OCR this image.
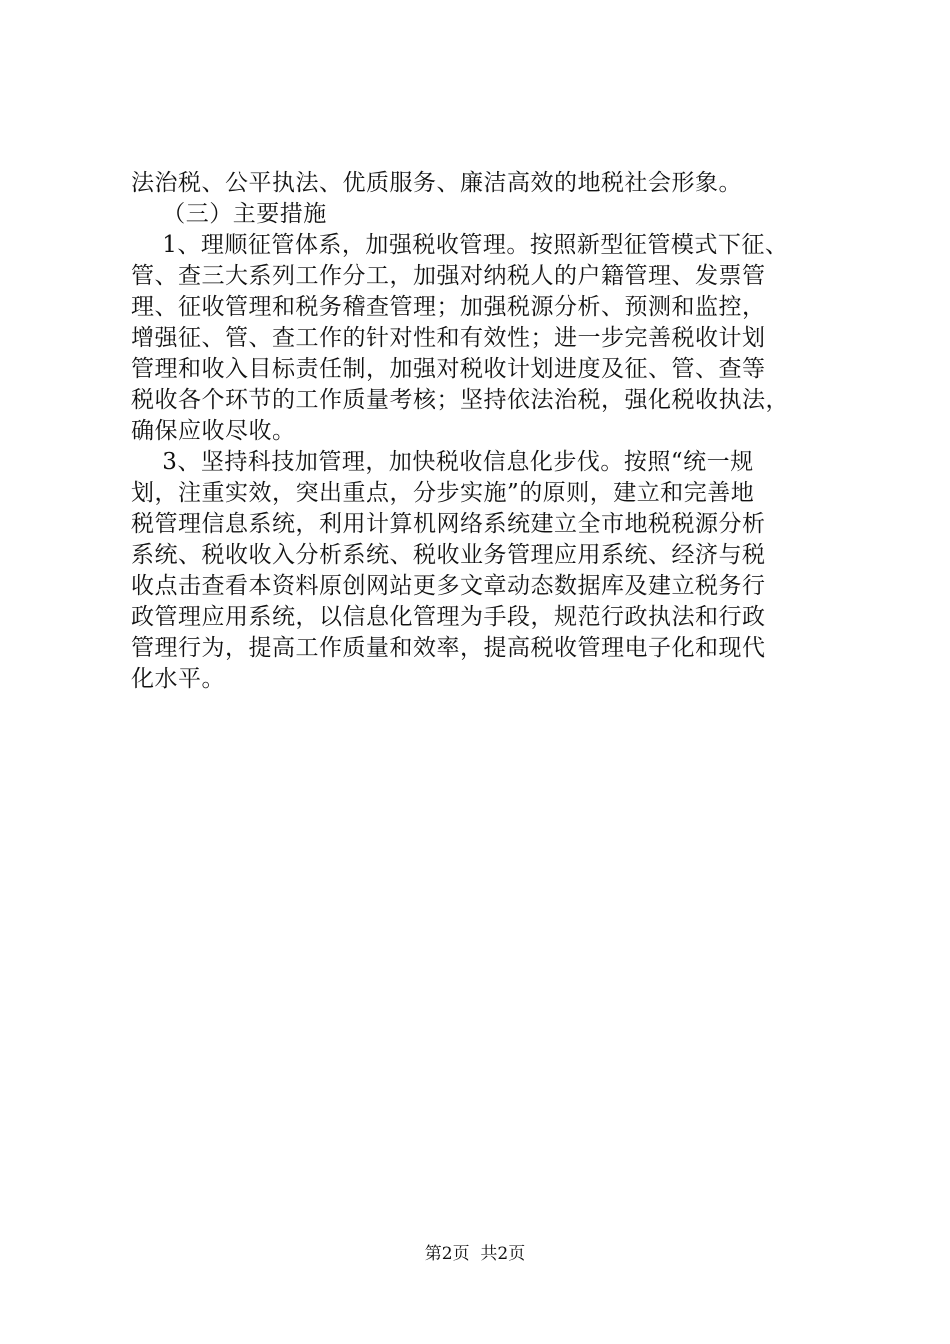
法治税、公平执法、优质服务、廉洁高效的地税社会形象。
（三）主要措施
1、理顺征管体系，加强税收管理。按照新型征管模式下征、
管、查三大系列工作分工，加强对纳税人的户籍管理、发票管
理、征收管理和税务稽查管理；加强税源分析、预测和监控，
增强征、管、查工作的针对性和有效性；进一步完善税收计划
管理和收入目标责任制，加强对税收计划进度及征、管、查等
税收各个环节的工作质量考核；坚持依法治税，强化税收执法，
确保应收尽收。
3、坚持科技加管理，加快税收信息化步伐。按照“统一规
划，注重实效，突出重点，分步实施”的原则，建立和完善地
税管理信息系统，利用计算机网络系统建立全市地税税源分析
系统、税收收入分析系统、税收业务管理应用系统、经济与税
收点击查看本资料原创网站更多文章动态数据库及建立税务行
政管理应用系统，以信息化管理为手段，规范行政执法和行政
管理行为，提高工作质量和效率，提高税收管理电子化和现代
化水平。
第2页  共2页
